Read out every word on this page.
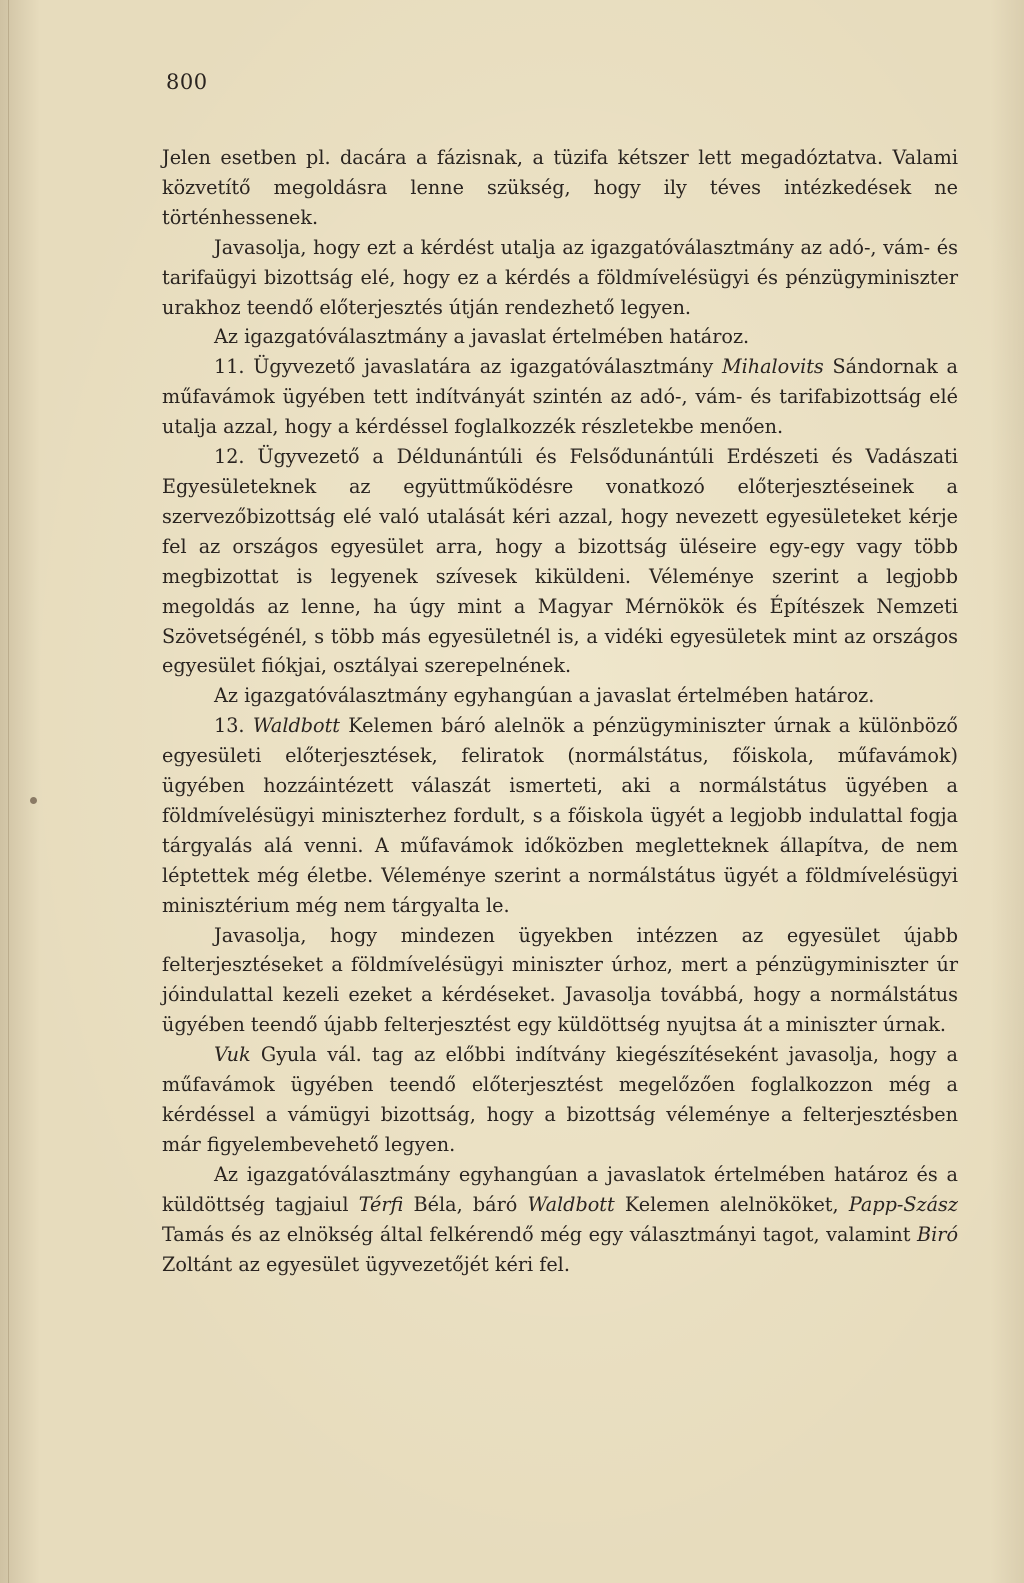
800

Jelen esetben pl. dacára a fázisnak, a tüzifa kétszer lett megadóztatva. Valami közvetítő megoldásra lenne szükség, hogy ily téves intézkedések ne történhessenek.

Javasolja, hogy ezt a kérdést utalja az igazgatóválasztmány az adó-, vám- és tarifaügyi bizottság elé, hogy ez a kérdés a földmívelésügyi és pénzügyminiszter urakhoz teendő előterjesztés útján rendezhető legyen.

Az igazgatóválasztmány a javaslat értelmében határoz.

11. Ügyvezető javaslatára az igazgatóválasztmány Mihalovits Sándornak a műfavámok ügyében tett indítványát szintén az adó-, vám- és tarifabizottság elé utalja azzal, hogy a kérdéssel foglalkozzék részletekbe menően.

12. Ügyvezető a Déldunántúli és Felsődunántúli Erdészeti és Vadászati Egyesületeknek az együttműködésre vonatkozó előterjesztéseinek a szervezőbizottság elé való utalását kéri azzal, hogy nevezett egyesületeket kérje fel az országos egyesület arra, hogy a bizottság üléseire egy-egy vagy több megbizottat is legyenek szívesek kiküldeni. Véleménye szerint a legjobb megoldás az lenne, ha úgy mint a Magyar Mérnökök és Építészek Nemzeti Szövetségénél, s több más egyesületnél is, a vidéki egyesületek mint az országos egyesület fiókjai, osztályai szerepelnének.

Az igazgatóválasztmány egyhangúan a javaslat értelmében határoz.

13. Waldbott Kelemen báró alelnök a pénzügyminiszter úrnak a különböző egyesületi előterjesztések, feliratok (normálstátus, főiskola, műfavámok) ügyében hozzáintézett válaszát ismerteti, aki a normálstátus ügyében a földmívelésügyi miniszterhez fordult, s a főiskola ügyét a legjobb indulattal fogja tárgyalás alá venni. A műfavámok időközben megletteknek állapítva, de nem léptettek még életbe. Véleménye szerint a normálstátus ügyét a földmívelésügyi minisztérium még nem tárgyalta le.

Javasolja, hogy mindezen ügyekben intézzen az egyesület újabb felterjesztéseket a földmívelésügyi miniszter úrhoz, mert a pénzügyminiszter úr jóindulattal kezeli ezeket a kérdéseket. Javasolja továbbá, hogy a normálstátus ügyében teendő újabb felterjesztést egy küldöttség nyujtsa át a miniszter úrnak.

Vuk Gyula vál. tag az előbbi indítvány kiegészítéseként javasolja, hogy a műfavámok ügyében teendő előterjesztést megelőzően foglalkozzon még a kérdéssel a vámügyi bizottság, hogy a bizottság véleménye a felterjesztésben már figyelembevehető legyen.

Az igazgatóválasztmány egyhangúan a javaslatok értelmében határoz és a küldöttség tagjaiul Térfi Béla, báró Waldbott Kelemen alelnököket, Papp-Szász Tamás és az elnökség által felkérendő még egy választmányi tagot, valamint Biró Zoltánt az egyesület ügyvezetőjét kéri fel.
